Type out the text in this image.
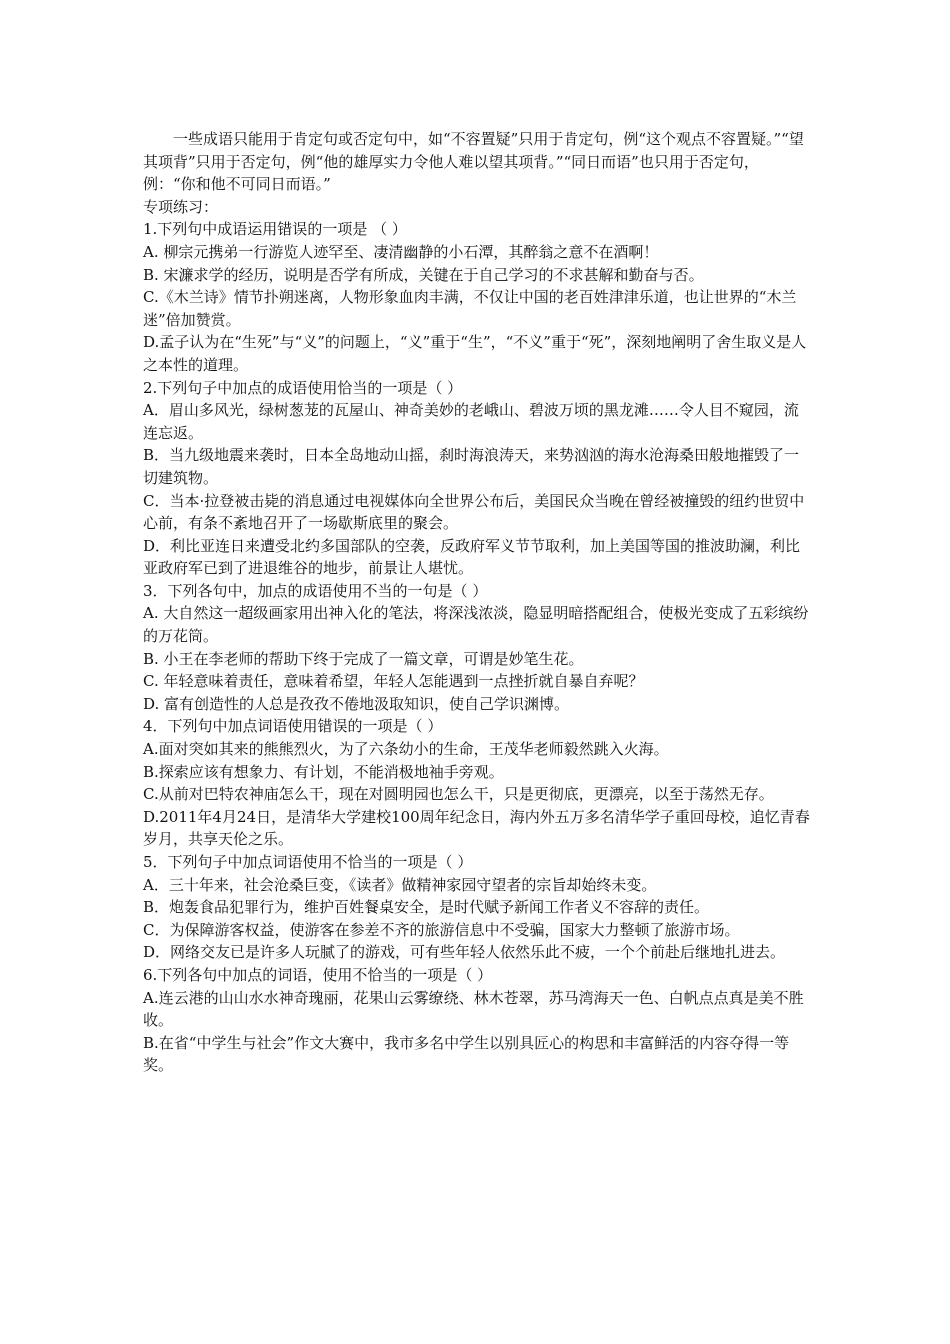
一些成语只能用于肯定句或否定句中，如“不容置疑”只用于肯定句，例“这个观点不容置疑。”“望其项背”只用于否定句，例“他的雄厚实力令他人难以望其项背。”“同日而语”也只用于否定句，例：“你和他不可同日而语。”

专项练习：

1.下列句中成语运用错误的一项是 （ ）

A. 柳宗元携弟一行游览人迹罕至、凄清幽静的小石潭，其醉翁之意不在酒啊！

B. 宋濂求学的经历，说明是否学有所成，关键在于自己学习的不求甚解和勤奋与否。

C.《木兰诗》情节扑朔迷离，人物形象血肉丰满，不仅让中国的老百姓津津乐道，也让世界的“木兰迷”倍加赞赏。

D.孟子认为在“生死”与“义”的问题上，“义”重于“生”，“不义”重于“死”，深刻地阐明了舍生取义是人之本性的道理。

2.下列句子中加点的成语使用恰当的一项是（ ）

A．眉山多风光，绿树葱茏的瓦屋山、神奇美妙的老峨山、碧波万顷的黑龙滩……令人目不窥园，流连忘返。

B．当九级地震来袭时，日本全岛地动山摇，刹时海浪涛天，来势汹汹的海水沧海桑田般地摧毁了一切建筑物。

C．当本·拉登被击毙的消息通过电视媒体向全世界公布后，美国民众当晚在曾经被撞毁的纽约世贸中心前，有条不紊地召开了一场歇斯底里的聚会。

D．利比亚连日来遭受北约多国部队的空袭，反政府军义节节取利，加上美国等国的推波助澜，利比亚政府军已到了进退维谷的地步，前景让人堪忧。

3．下列各句中，加点的成语使用不当的一句是（ ）

A. 大自然这一超级画家用出神入化的笔法，将深浅浓淡，隐显明暗搭配组合，使极光变成了五彩缤纷的万花筒。

B. 小王在李老师的帮助下终于完成了一篇文章，可谓是妙笔生花。

C. 年轻意味着责任，意味着希望，年轻人怎能遇到一点挫折就自暴自弃呢？

D. 富有创造性的人总是孜孜不倦地汲取知识，使自己学识渊博。

4．下列句中加点词语使用错误的一项是（ ）

A.面对突如其来的熊熊烈火，为了六条幼小的生命，王茂华老师毅然跳入火海。

B.探索应该有想象力、有计划，不能消极地袖手旁观。

C.从前对巴特农神庙怎么干，现在对圆明园也怎么干，只是更彻底，更漂亮，以至于荡然无存。

D.2011年4月24日，是清华大学建校100周年纪念日，海内外五万多名清华学子重回母校，追忆青春岁月，共享天伦之乐。

5．下列句子中加点词语使用不恰当的一项是（ ）

A．三十年来，社会沧桑巨变，《读者》做精神家园守望者的宗旨却始终未变。

B．炮轰食品犯罪行为，维护百姓餐桌安全，是时代赋予新闻工作者义不容辞的责任。

C．为保障游客权益，使游客在参差不齐的旅游信息中不受骗，国家大力整顿了旅游市场。

D．网络交友已是许多人玩腻了的游戏，可有些年轻人依然乐此不疲，一个个前赴后继地扎进去。

6.下列各句中加点的词语，使用不恰当的一项是（ ）

A.连云港的山山水水神奇瑰丽，花果山云雾缭绕、林木苍翠，苏马湾海天一色、白帆点点真是美不胜收。

B.在省“中学生与社会”作文大赛中，我市多名中学生以别具匠心的构思和丰富鲜活的内容夺得一等奖。
